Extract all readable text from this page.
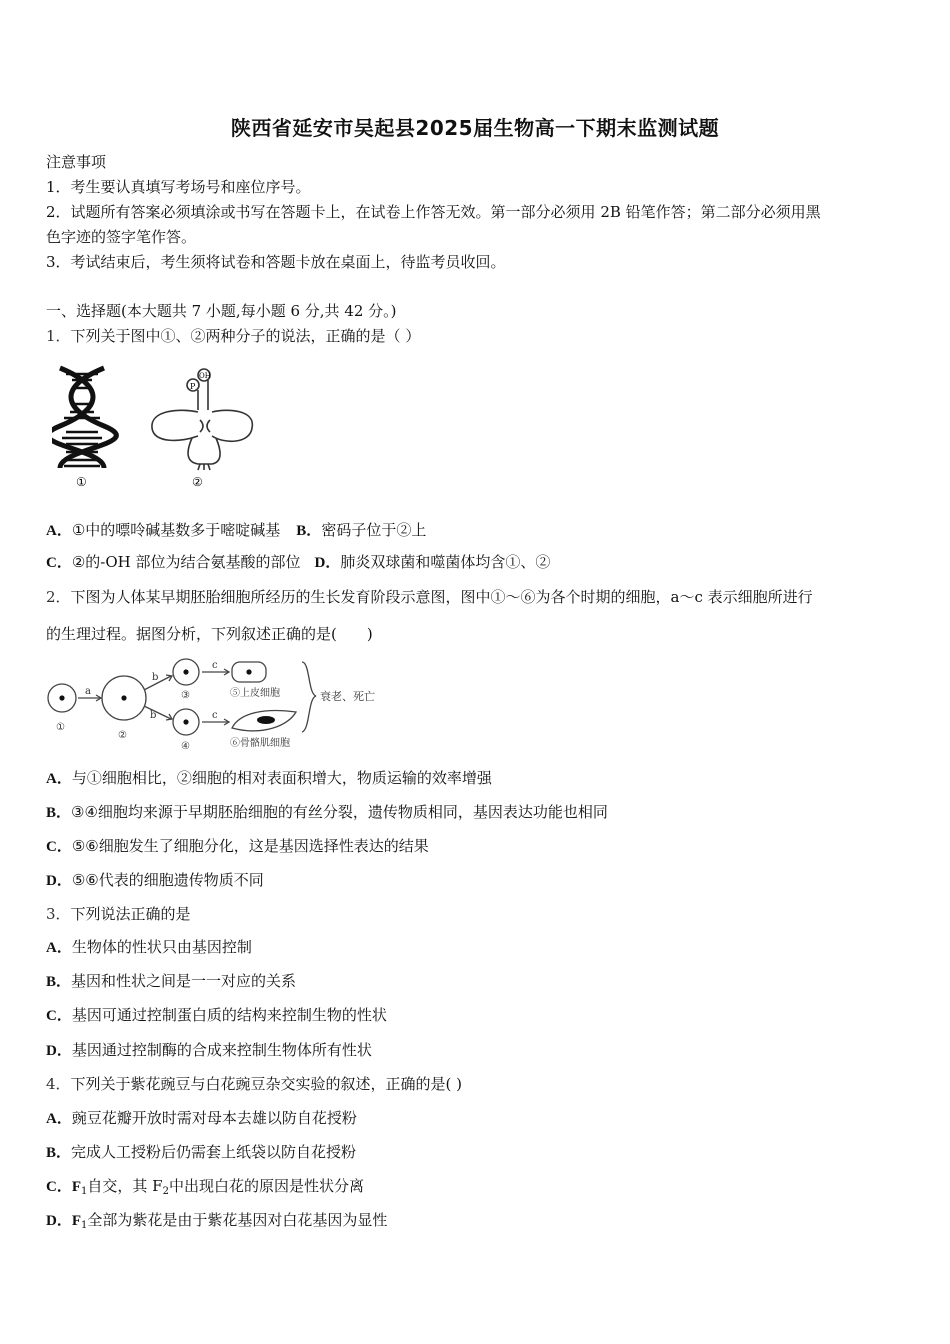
陕西省延安市吴起县2025届生物高一下期末监测试题
注意事项
1．考生要认真填写考场号和座位序号。
2．试题所有答案必须填涂或书写在答题卡上，在试卷上作答无效。第一部分必须用 2B 铅笔作答；第二部分必须用黑
色字迹的签字笔作答。
3．考试结束后，考生须将试卷和答题卡放在桌面上，待监考员收回。
一、选择题(本大题共 7 小题,每小题 6 分,共 42 分。)
1．下列关于图中①、②两种分子的说法，正确的是（ ）
①
P
OH
②
A．①中的嘌呤碱基数多于嘧啶碱基 B．密码子位于②上
C．②的-OH 部位为结合氨基酸的部位 D．肺炎双球菌和噬菌体均含①、②
2．下图为人体某早期胚胎细胞所经历的生长发育阶段示意图，图中①～⑥为各个时期的细胞，a～c 表示细胞所进行
的生理过程。据图分析，下列叙述正确的是(　　)
①
②
③
④
a
b
b
c
c
⑤上皮细胞
⑥骨骼肌细胞
衰老、死亡
A．与①细胞相比，②细胞的相对表面积增大，物质运输的效率增强
B．③④细胞均来源于早期胚胎细胞的有丝分裂，遗传物质相同，基因表达功能也相同
C．⑤⑥细胞发生了细胞分化，这是基因选择性表达的结果
D．⑤⑥代表的细胞遗传物质不同
3．下列说法正确的是
A．生物体的性状只由基因控制
B．基因和性状之间是一一对应的关系
C．基因可通过控制蛋白质的结构来控制生物的性状
D．基因通过控制酶的合成来控制生物体所有性状
4．下列关于紫花豌豆与白花豌豆杂交实验的叙述，正确的是( )
A．豌豆花瓣开放时需对母本去雄以防自花授粉
B．完成人工授粉后仍需套上纸袋以防自花授粉
C．$F_1$自交，其 $F_2$中出现白花的原因是性状分离
D．$F_1$全部为紫花是由于紫花基因对白花基因为显性
